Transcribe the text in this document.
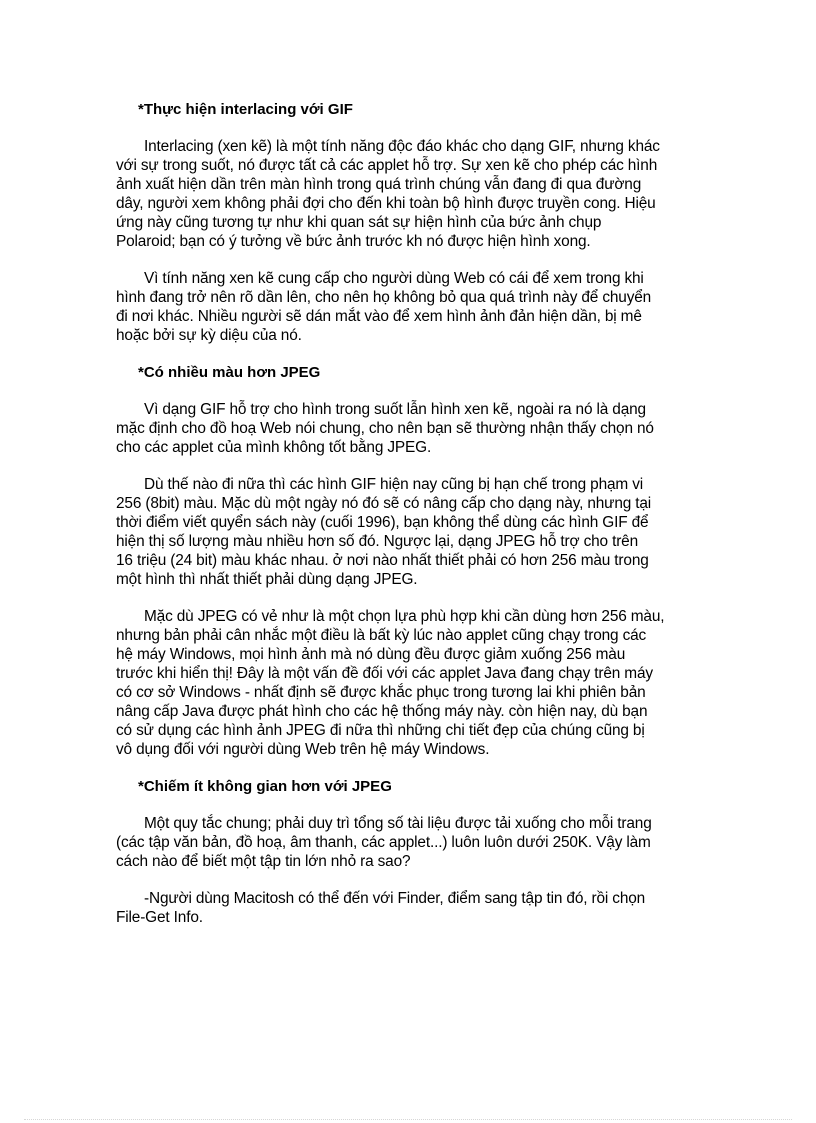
*Thực hiện interlacing với GIF
Interlacing (xen kẽ) là một tính năng độc đáo khác cho dạng GIF, nhưng khác
với sự trong suốt, nó được tất cả các applet hỗ trợ. Sự xen kẽ cho phép các hình
ảnh xuất hiện dần trên màn hình trong quá trình chúng vẫn đang đi qua đường
dây, người xem không phải đợi cho đến khi toàn bộ hình được truyền cong. Hiệu
ứng này cũng tương tự như khi quan sát sự hiện hình của bức ảnh chụp
Polaroid; bạn có ý tưởng về bức ảnh trước kh nó được hiện hình xong.
Vì tính năng xen kẽ cung cấp cho người dùng Web có cái để xem trong khi
hình đang trở nên rõ dần lên, cho nên họ không bỏ qua quá trình này để chuyển
đi nơi khác. Nhiều người sẽ dán mắt vào để xem hình ảnh đản hiện dần, bị mê
hoặc bởi sự kỳ diệu của nó.
*Có nhiều màu hơn JPEG
Vì dạng GIF hỗ trợ cho hình trong suốt lẫn hình xen kẽ, ngoài ra nó là dạng
mặc định cho đồ hoạ Web nói chung, cho nên bạn sẽ thường nhận thấy chọn nó
cho các applet của mình không tốt bằng JPEG.
Dù thế nào đi nữa thì các hình GIF hiện nay cũng bị hạn chế trong phạm vi
256 (8bit) màu. Mặc dù một ngày nó đó sẽ có nâng cấp cho dạng này, nhưng tại
thời điểm viết quyển sách này (cuối 1996), bạn không thể dùng các hình GIF để
hiện thị số lượng màu nhiều hơn số đó. Ngược lại, dạng JPEG hỗ trợ cho trên
16 triệu (24 bit) màu khác nhau. ở nơi nào nhất thiết phải có hơn 256 màu trong
một hình thì nhất thiết phải dùng dạng JPEG.
Mặc dù JPEG có vẻ như là một chọn lựa phù hợp khi cần dùng hơn 256 màu,
nhưng bản phải cân nhắc một điều là bất kỳ lúc nào applet cũng chạy trong các
hệ máy Windows, mọi hình ảnh mà nó dùng đều được giảm xuống 256 màu
trước khi hiển thị! Đây là một vấn đề đối với các applet Java đang chạy trên máy
có cơ sở Windows - nhất định sẽ được khắc phục trong tương lai khi phiên bản
nâng cấp Java được phát hình cho các hệ thống máy này. còn hiện nay, dù bạn
có sử dụng các hình ảnh JPEG đi nữa thì những chi tiết đẹp của chúng cũng bị
vô dụng đối với người dùng Web trên hệ máy Windows.
*Chiếm ít không gian hơn với JPEG
Một quy tắc chung; phải duy trì tổng số tài liệu được tải xuống cho mỗi trang
(các tập văn bản, đồ hoạ, âm thanh, các applet...) luôn luôn dưới 250K. Vậy làm
cách nào để biết một tập tin lớn nhỏ ra sao?
-Người dùng Macitosh có thể đến với Finder, điểm sang tập tin đó, rồi chọn
File-Get Info.
